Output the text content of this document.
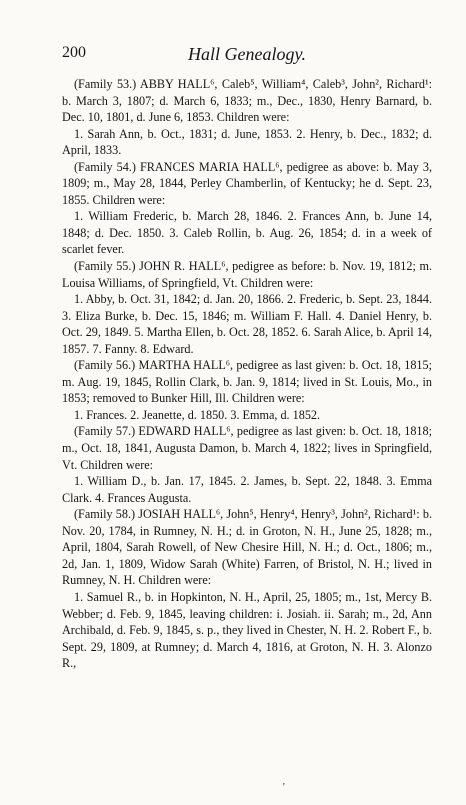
200	Hall Genealogy.

(Family 53.) ABBY HALL⁶, Caleb⁵, William⁴, Caleb³, John², Richard¹: b. March 3, 1807; d. March 6, 1833; m., Dec., 1830, Henry Barnard, b. Dec. 10, 1801, d. June 6, 1853. Children were:

1. Sarah Ann, b. Oct., 1831; d. June, 1853. 2. Henry, b. Dec., 1832; d. April, 1833.

(Family 54.) FRANCES MARIA HALL⁶, pedigree as above: b. May 3, 1809; m., May 28, 1844, Perley Chamberlin, of Kentucky; he d. Sept. 23, 1855. Children were:

1. William Frederic, b. March 28, 1846. 2. Frances Ann, b. June 14, 1848; d. Dec. 1850. 3. Caleb Rollin, b. Aug. 26, 1854; d. in a week of scarlet fever.

(Family 55.) JOHN R. HALL⁶, pedigree as before: b. Nov. 19, 1812; m. Louisa Williams, of Springfield, Vt. Children were:

1. Abby, b. Oct. 31, 1842; d. Jan. 20, 1866. 2. Frederic, b. Sept. 23, 1844. 3. Eliza Burke, b. Dec. 15, 1846; m. William F. Hall. 4. Daniel Henry, b. Oct. 29, 1849. 5. Martha Ellen, b. Oct. 28, 1852. 6. Sarah Alice, b. April 14, 1857. 7. Fanny. 8. Edward.

(Family 56.) MARTHA HALL⁶, pedigree as last given: b. Oct. 18, 1815; m. Aug. 19, 1845, Rollin Clark, b. Jan. 9, 1814; lived in St. Louis, Mo., in 1853; removed to Bunker Hill, Ill. Children were:

1. Frances. 2. Jeanette, d. 1850. 3. Emma, d. 1852.

(Family 57.) EDWARD HALL⁶, pedigree as last given: b. Oct. 18, 1818; m., Oct. 18, 1841, Augusta Damon, b. March 4, 1822; lives in Springfield, Vt. Children were:

1. William D., b. Jan. 17, 1845. 2. James, b. Sept. 22, 1848. 3. Emma Clark. 4. Frances Augusta.

(Family 58.) JOSIAH HALL⁶, John⁵, Henry⁴, Henry³, John², Richard¹: b. Nov. 20, 1784, in Rumney, N. H.; d. in Groton, N. H., June 25, 1828; m., April, 1804, Sarah Rowell, of New Chesire Hill, N. H.; d. Oct., 1806; m., 2d, Jan. 1, 1809, Widow Sarah (White) Farren, of Bristol, N. H.; lived in Rumney, N. H. Children were:

1. Samuel R., b. in Hopkinton, N. H., April, 25, 1805; m., 1st, Mercy B. Webber; d. Feb. 9, 1845, leaving children: i. Josiah. ii. Sarah; m., 2d, Ann Archibald, d. Feb. 9, 1845, s. p., they lived in Chester, N. H. 2. Robert F., b. Sept. 29, 1809, at Rumney; d. March 4, 1816, at Groton, N. H. 3. Alonzo R.,

'
